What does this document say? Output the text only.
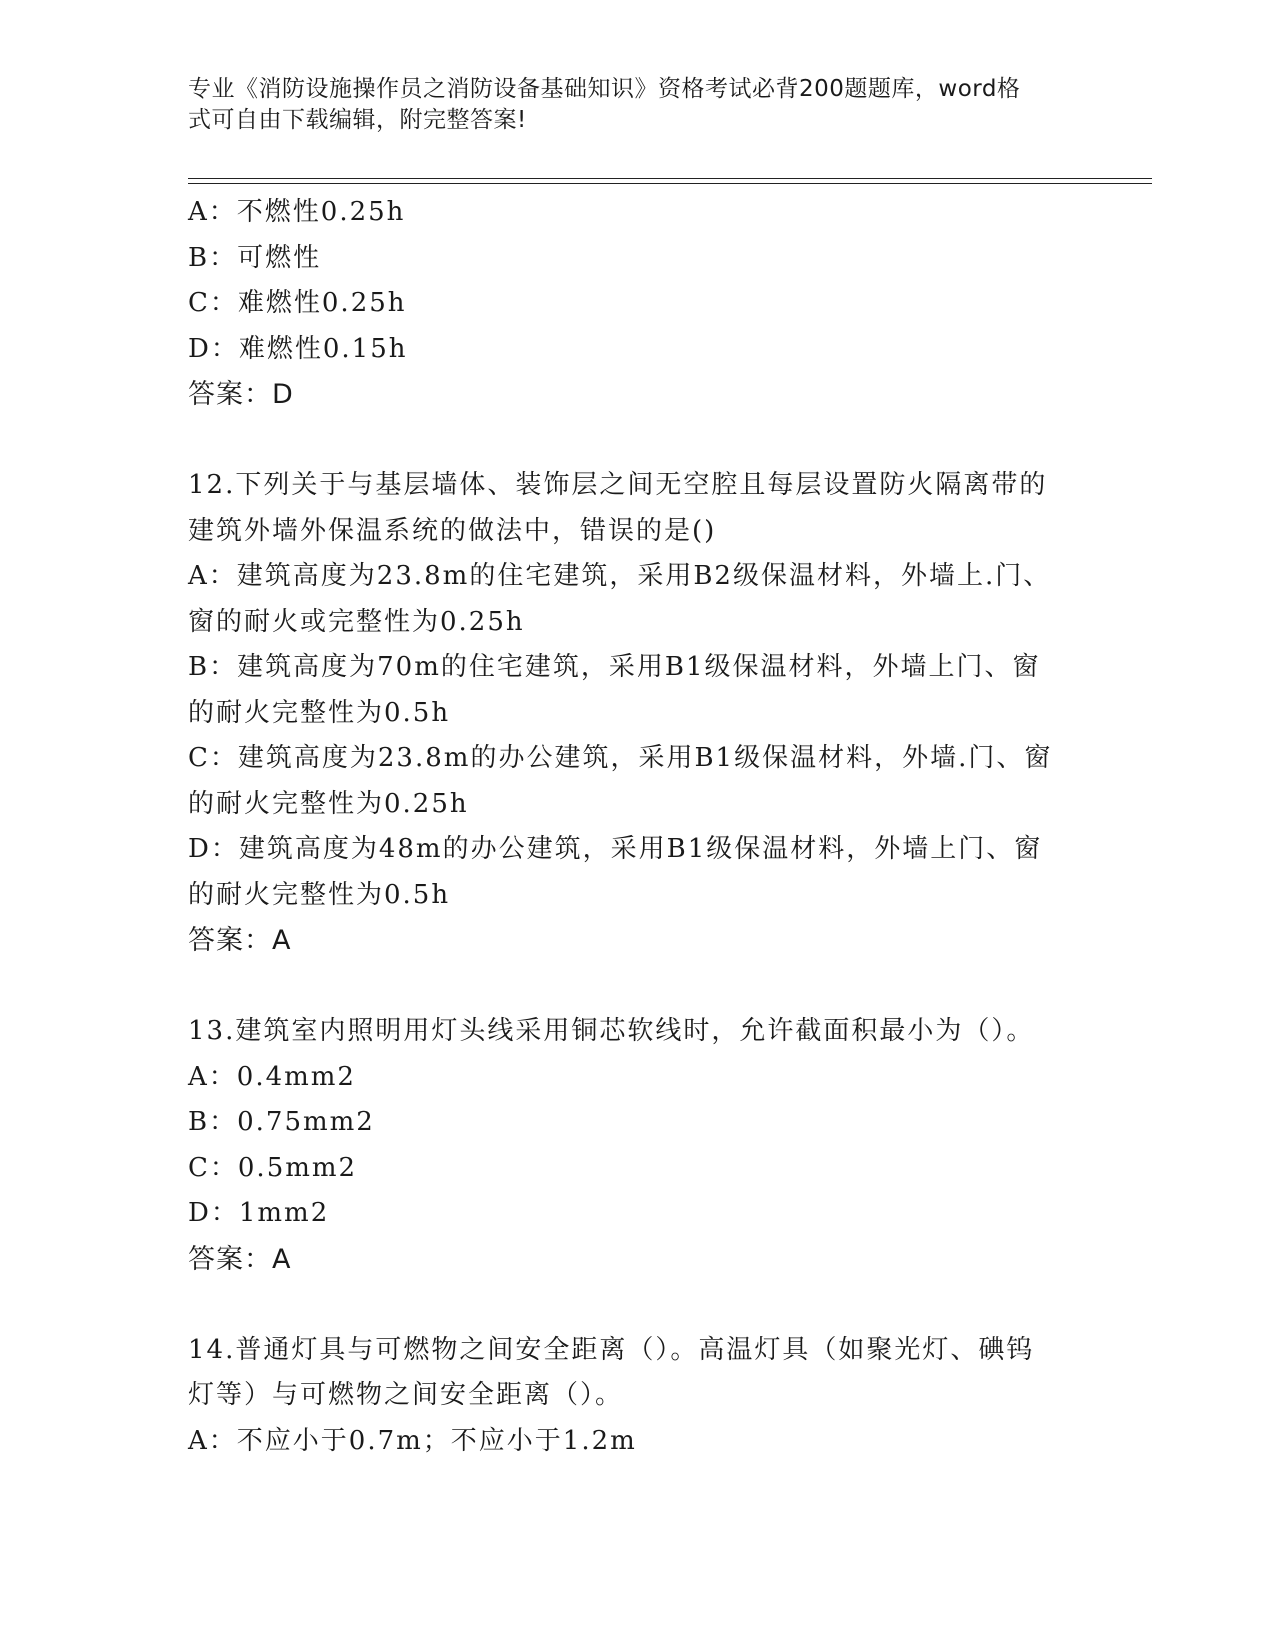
专业《消防设施操作员之消防设备基础知识》资格考试必背200题题库，word格
式可自由下载编辑，附完整答案!
A：不燃性0.25h
B：可燃性
C：难燃性0.25h
D：难燃性0.15h
答案：D
12.下列关于与基层墙体、装饰层之间无空腔且每层设置防火隔离带的
建筑外墙外保温系统的做法中，错误的是()
A：建筑高度为23.8m的住宅建筑，采用B2级保温材料，外墙上.门、
窗的耐火或完整性为0.25h
B：建筑高度为70m的住宅建筑，采用B1级保温材料，外墙上门、窗
的耐火完整性为0.5h
C：建筑高度为23.8m的办公建筑，采用B1级保温材料，外墙.门、窗
的耐火完整性为0.25h
D：建筑高度为48m的办公建筑，采用B1级保温材料，外墙上门、窗
的耐火完整性为0.5h
答案：A
13.建筑室内照明用灯头线采用铜芯软线时，允许截面积最小为（）。
A：0.4mm2
B：0.75mm2
C：0.5mm2
D：1mm2
答案：A
14.普通灯具与可燃物之间安全距离（）。高温灯具（如聚光灯、碘钨
灯等）与可燃物之间安全距离（）。
A：不应小于0.7m；不应小于1.2m
